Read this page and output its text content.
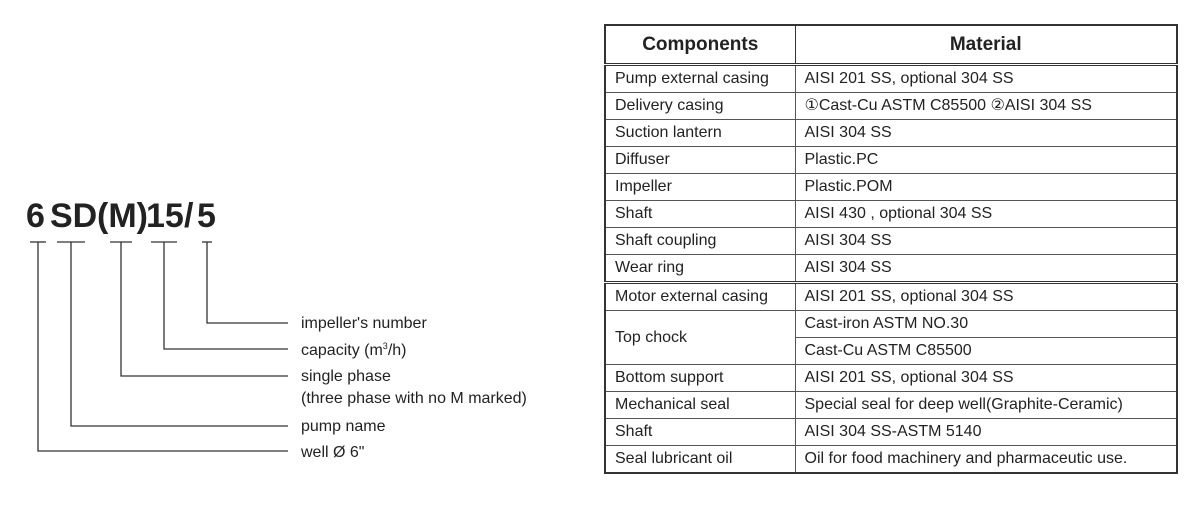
6 SD (M)
15 / 5
impeller's number
capacity $(m^3/h)$
single phase
(three phase with no M marked)
pump name
well Ø 6"
Components	Material
Pump external casing	AISI 201 SS, optional 304 SS
Delivery casing	①Cast-Cu ASTM C85500 ②AISI 304 SS
Suction lantern	AISI 304 SS
Diffuser	Plastic.PC
Impeller	Plastic.POM
Shaft	AISI 430 , optional 304 SS
Shaft coupling	AISI 304 SS
Wear ring	AISI 304 SS
Motor external casing	AISI 201 SS, optional 304 SS
Top chock	Cast-iron ASTM NO.30
	Cast-Cu ASTM C85500
Bottom support	AISI 201 SS, optional 304 SS
Mechanical seal	Special seal for deep well(Graphite-Ceramic)
Shaft	AISI 304 SS-ASTM 5140
Seal lubricant oil	Oil for food machinery and pharmaceutic use.
